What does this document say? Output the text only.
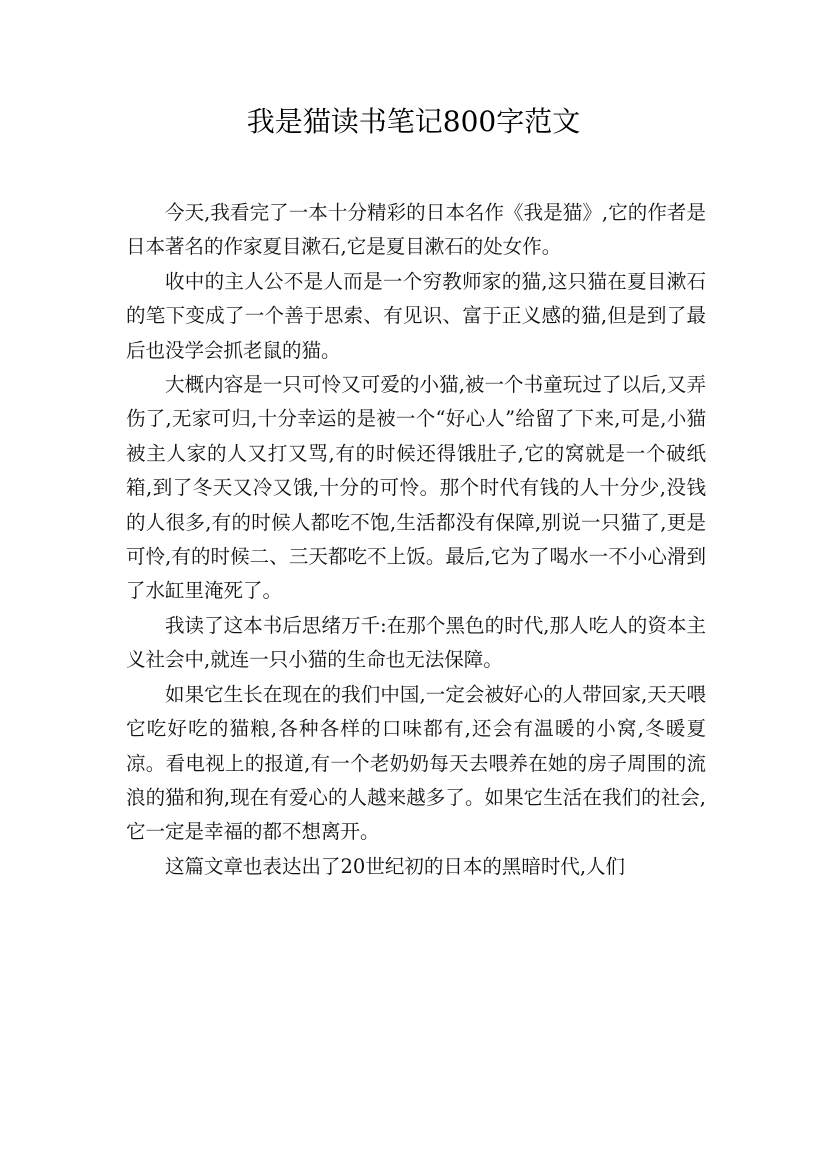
我是猫读书笔记800字范文

今天,我看完了一本十分精彩的日本名作《我是猫》,它的作者是日本著名的作家夏目漱石,它是夏目漱石的处女作。

收中的主人公不是人而是一个穷教师家的猫,这只猫在夏目漱石的笔下变成了一个善于思索、有见识、富于正义感的猫,但是到了最后也没学会抓老鼠的猫。

大概内容是一只可怜又可爱的小猫,被一个书童玩过了以后,又弄伤了,无家可归,十分幸运的是被一个“好心人”给留了下来,可是,小猫被主人家的人又打又骂,有的时候还得饿肚子,它的窝就是一个破纸箱,到了冬天又冷又饿,十分的可怜。那个时代有钱的人十分少,没钱的人很多,有的时候人都吃不饱,生活都没有保障,别说一只猫了,更是可怜,有的时候二、三天都吃不上饭。最后,它为了喝水一不小心滑到了水缸里淹死了。

我读了这本书后思绪万千:在那个黑色的时代,那人吃人的资本主义社会中,就连一只小猫的生命也无法保障。

如果它生长在现在的我们中国,一定会被好心的人带回家,天天喂它吃好吃的猫粮,各种各样的口味都有,还会有温暖的小窝,冬暖夏凉。看电视上的报道,有一个老奶奶每天去喂养在她的房子周围的流浪的猫和狗,现在有爱心的人越来越多了。如果它生活在我们的社会,它一定是幸福的都不想离开。

这篇文章也表达出了20世纪初的日本的黑暗时代,人们
